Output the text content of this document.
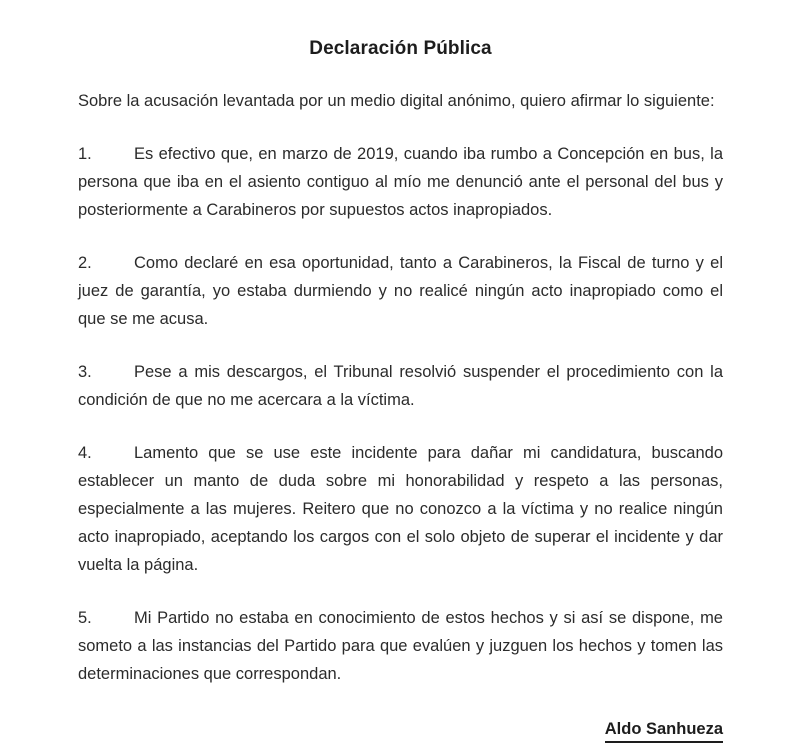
Declaración Pública

Sobre la acusación levantada por un medio digital anónimo, quiero afirmar lo siguiente:

1.	Es efectivo que, en marzo de 2019, cuando iba rumbo a Concepción en bus, la persona que iba en el asiento contiguo al mío me denunció ante el personal del bus y posteriormente a Carabineros por supuestos actos inapropiados.

2.	Como declaré en esa oportunidad, tanto a Carabineros, la Fiscal de turno y el juez de garantía, yo estaba durmiendo y no realicé ningún acto inapropiado como el que se me acusa.

3.	Pese a mis descargos, el Tribunal resolvió suspender el procedimiento con la condición de que no me acercara a la víctima.

4.	Lamento que se use este incidente para dañar mi candidatura, buscando establecer un manto de duda sobre mi honorabilidad y respeto a las personas, especialmente a las mujeres. Reitero que no conozco a la víctima y no realice ningún acto inapropiado, aceptando los cargos con el solo objeto de superar el incidente y dar vuelta la página.

5.	Mi Partido no estaba en conocimiento de estos hechos y si así se dispone, me someto a las instancias del Partido para que evalúen y juzguen los hechos y tomen las determinaciones que correspondan.

Aldo Sanhueza
